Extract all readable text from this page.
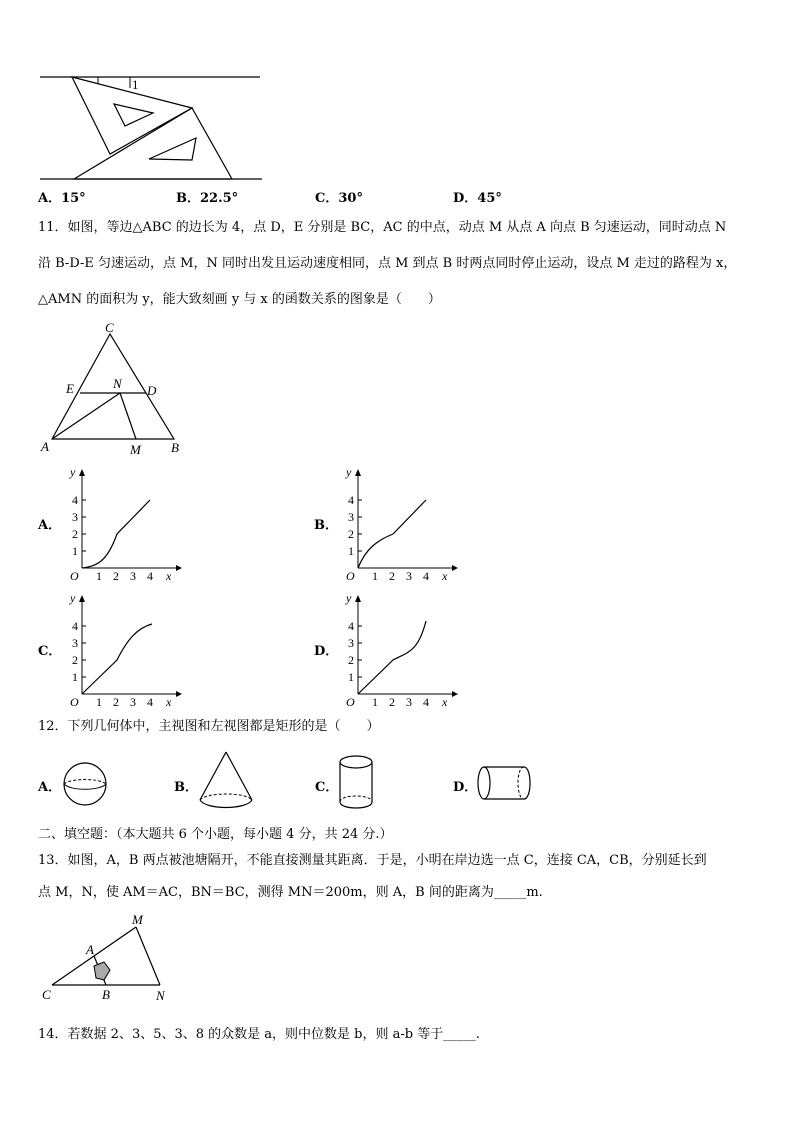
1
A．15°	B．22.5°	C．30°	D．45°
11．如图，等边△ABC 的边长为 4，点 D，E 分别是 BC，AC 的中点，动点 M 从点 A 向点 B 匀速运动，同时动点 N
沿 B-D-E 匀速运动，点 M，N 同时出发且运动速度相同，点 M 到点 B 时两点同时停止运动，设点 M 走过的路程为 x，
△AMN 的面积为 y，能大致刻画 y 与 x 的函数关系的图象是（　　）
C
E	N D
A	M B
A．	B．
C．	D．
1
2
3
4
1 2 3 4
O	x
y
1
2
3
4
1 2 3 4
O	x
y
1
2
3
4
1 2 3 4
O	x
y
1
2
3
4
1 2 3 4
O	x
y
12．下列几何体中，主视图和左视图都是矩形的是（　　）
A．	B．	C．	D．
二、填空题：（本大题共 6 个小题，每小题 4 分，共 24 分.）
13．如图，A，B 两点被池塘隔开，不能直接测量其距离．于是，小明在岸边选一点 C，连接 CA，CB，分别延长到
点 M，N，使 AM＝AC，BN＝BC，测得 MN＝200m，则 A，B 间的距离为_____m.
M
A
C	B	N
14．若数据 2、3、5、3、8 的众数是 a，则中位数是 b，则 a-b 等于_____.
